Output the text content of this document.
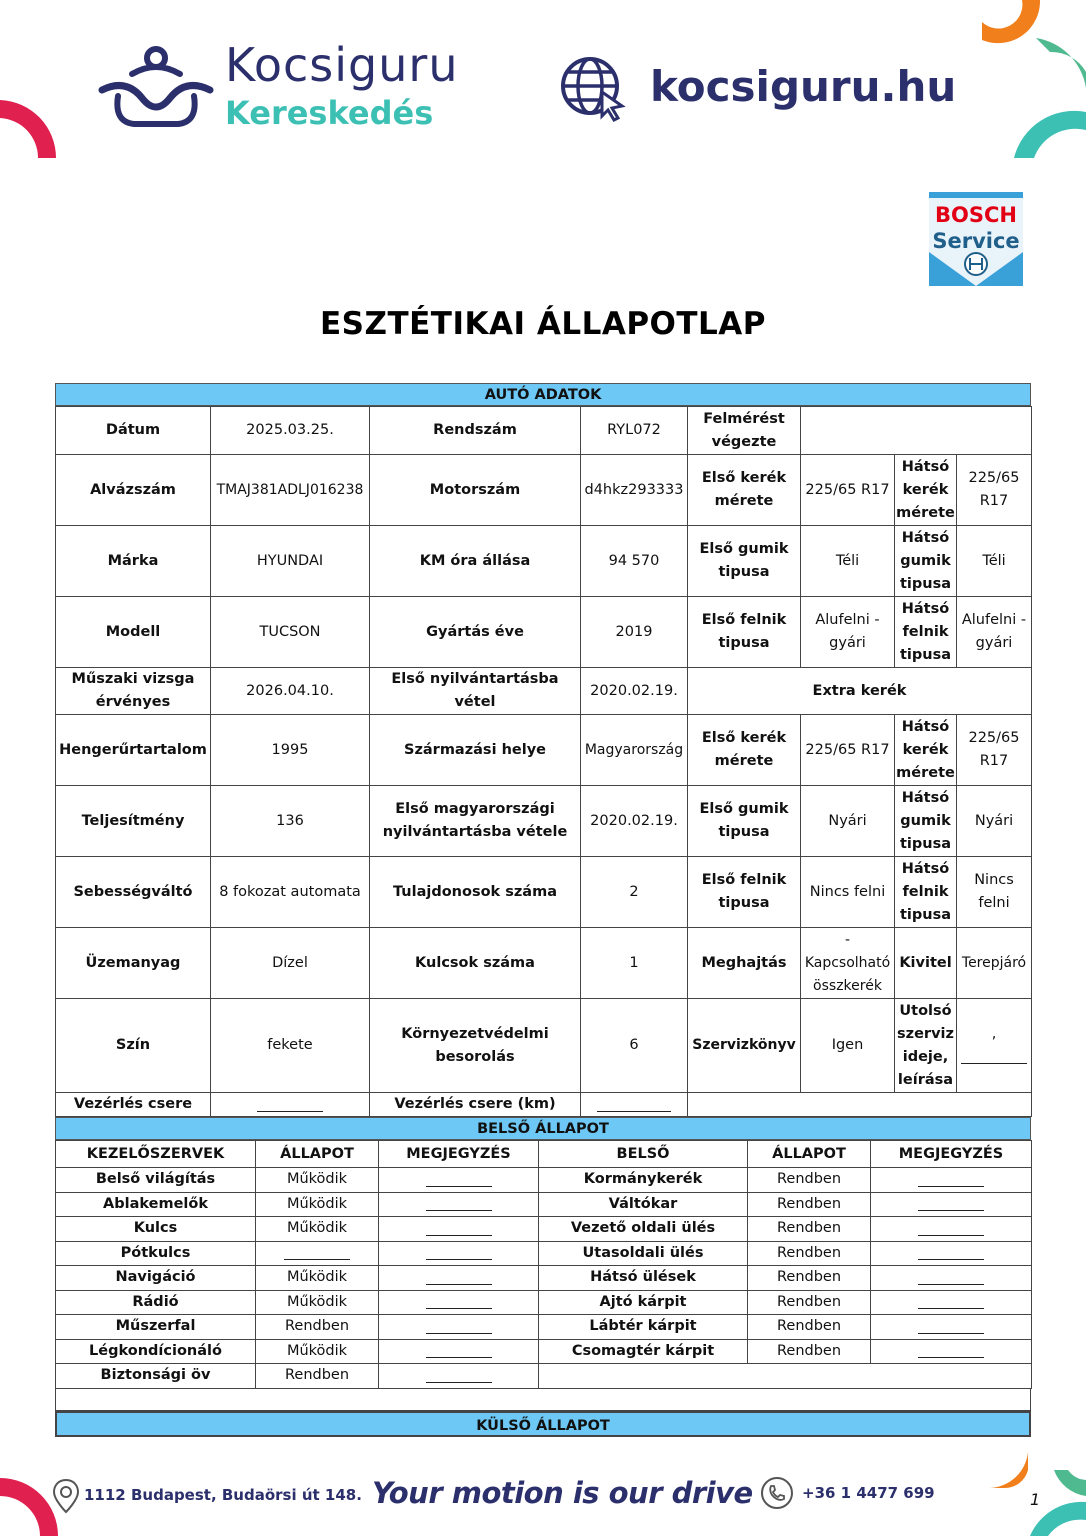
Kocsiguru
Kereskedés
kocsiguru.hu
BOSCH
Service
ESZTÉTIKAI ÁLLAPOTLAP
AUTÓ ADATOK
Dátum	2025.03.25.	Rendszám	RYL072	Felmérést végezte			
Alvázszám	TMAJ381ADLJ016238	Motorszám	d4hkz293333	Első kerék mérete	225/65 R17	Hátsó kerék mérete	225/65 R17
Márka	HYUNDAI	KM óra állása	94 570	Első gumik tipusa	Téli	Hátsó gumik tipusa	Téli
Modell	TUCSON	Gyártás éve	2019	Első felnik tipusa	Alufelni - gyári	Hátsó felnik tipusa	Alufelni - gyári
Műszaki vizsga érvényes	2026.04.10.	Első nyilvántartásba vétel	2020.02.19.	Extra kerék			
Hengerűrtartalom	1995	Származási helye	Magyarország	Első kerék mérete	225/65 R17	Hátsó kerék mérete	225/65 R17
Teljesítmény	136	Első magyarországi nyilvántartásba vétele	2020.02.19.	Első gumik tipusa	Nyári	Hátsó gumik tipusa	Nyári
Sebességváltó	8 fokozat automata	Tulajdonosok száma	2	Első felnik tipusa	Nincs felni	Hátsó felnik tipusa	Nincs felni
Üzemanyag	Dízel	Kulcsok száma	1	Meghajtás	- Kapcsolható összkerék	Kivitel	Terepjáró
Szín	fekete	Környezetvédelmi besorolás	6	Szervizkönyv	Igen	Utolsó szerviz ideje, leírása	,

Vezérlés csere		Vezérlés csere (km)					
BELSŐ ÁLLAPOT
KEZELŐSZERVEK	ÁLLAPOT	MEGJEGYZÉS	BELSŐ	ÁLLAPOT	MEGJEGYZÉS
Belső világítás	Működik		Kormánykerék	Rendben	
Ablakemelők	Működik		Váltókar	Rendben	
Kulcs	Működik		Vezető oldali ülés	Rendben	
Pótkulcs			Utasoldali ülés	Rendben	
Navigáció	Működik		Hátsó ülések	Rendben	
Rádió	Működik		Ajtó kárpit	Rendben	
Műszerfal	Rendben		Lábtér kárpit	Rendben	
Légkondícionáló	Működik		Csomagtér kárpit	Rendben	
Biztonsági öv	Rendben				
KÜLSŐ ÁLLAPOT
1112 Budapest, Budaörsi út 148. Your motion is our drive	+36 1 4477 699	1
